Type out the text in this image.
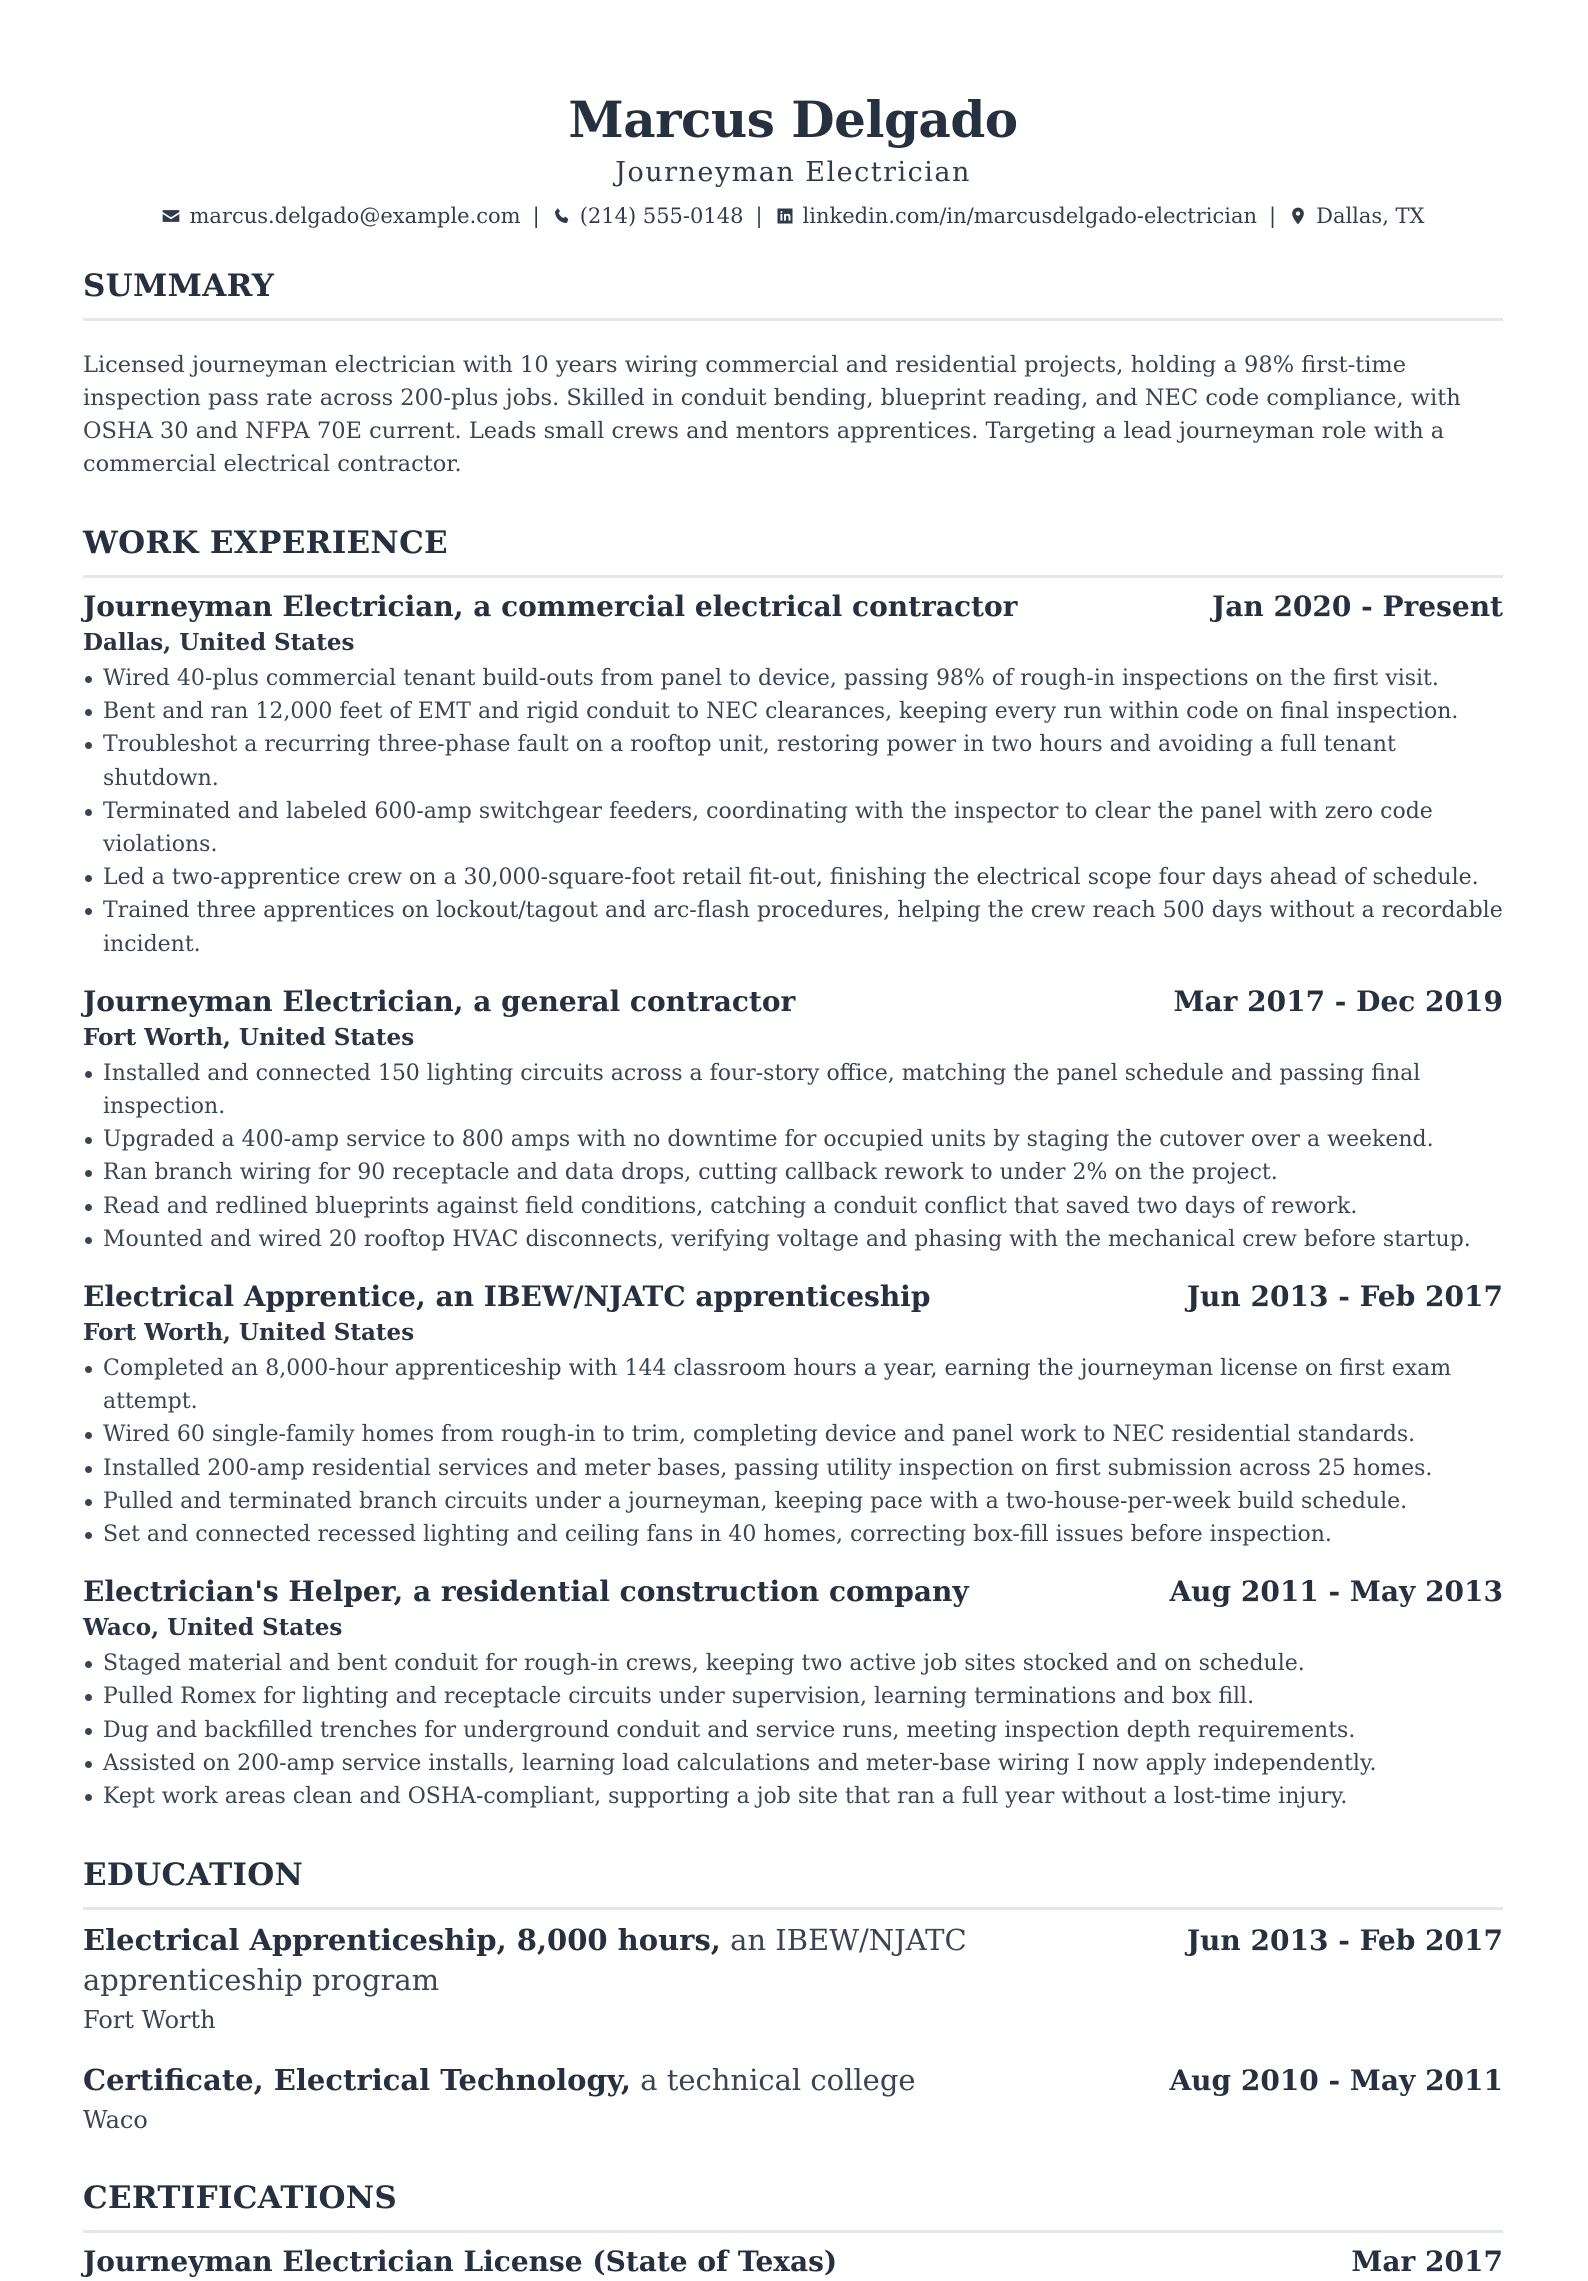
Marcus Delgado
Journeyman Electrician
marcus.delgado@example.com | (214) 555-0148 | linkedin.com/in/marcusdelgado-electrician | Dallas, TX
SUMMARY
Licensed journeyman electrician with 10 years wiring commercial and residential projects, holding a 98% first-time inspection pass rate across 200-plus jobs. Skilled in conduit bending, blueprint reading, and NEC code compliance, with OSHA 30 and NFPA 70E current. Leads small crews and mentors apprentices. Targeting a lead journeyman role with a commercial electrical contractor.
WORK EXPERIENCE
Journeyman Electrician, a commercial electrical contractor	Jan 2020 - Present
Dallas, United States
Wired 40-plus commercial tenant build-outs from panel to device, passing 98% of rough-in inspections on the first visit.
Bent and ran 12,000 feet of EMT and rigid conduit to NEC clearances, keeping every run within code on final inspection.
Troubleshot a recurring three-phase fault on a rooftop unit, restoring power in two hours and avoiding a full tenant shutdown.
Terminated and labeled 600-amp switchgear feeders, coordinating with the inspector to clear the panel with zero code violations.
Led a two-apprentice crew on a 30,000-square-foot retail fit-out, finishing the electrical scope four days ahead of schedule.
Trained three apprentices on lockout/tagout and arc-flash procedures, helping the crew reach 500 days without a recordable incident.
Journeyman Electrician, a general contractor	Mar 2017 - Dec 2019
Fort Worth, United States
Installed and connected 150 lighting circuits across a four-story office, matching the panel schedule and passing final inspection.
Upgraded a 400-amp service to 800 amps with no downtime for occupied units by staging the cutover over a weekend.
Ran branch wiring for 90 receptacle and data drops, cutting callback rework to under 2% on the project.
Read and redlined blueprints against field conditions, catching a conduit conflict that saved two days of rework.
Mounted and wired 20 rooftop HVAC disconnects, verifying voltage and phasing with the mechanical crew before startup.
Electrical Apprentice, an IBEW/NJATC apprenticeship	Jun 2013 - Feb 2017
Fort Worth, United States
Completed an 8,000-hour apprenticeship with 144 classroom hours a year, earning the journeyman license on first exam attempt.
Wired 60 single-family homes from rough-in to trim, completing device and panel work to NEC residential standards.
Installed 200-amp residential services and meter bases, passing utility inspection on first submission across 25 homes.
Pulled and terminated branch circuits under a journeyman, keeping pace with a two-house-per-week build schedule.
Set and connected recessed lighting and ceiling fans in 40 homes, correcting box-fill issues before inspection.
Electrician's Helper, a residential construction company	Aug 2011 - May 2013
Waco, United States
Staged material and bent conduit for rough-in crews, keeping two active job sites stocked and on schedule.
Pulled Romex for lighting and receptacle circuits under supervision, learning terminations and box fill.
Dug and backfilled trenches for underground conduit and service runs, meeting inspection depth requirements.
Assisted on 200-amp service installs, learning load calculations and meter-base wiring I now apply independently.
Kept work areas clean and OSHA-compliant, supporting a job site that ran a full year without a lost-time injury.
EDUCATION
Electrical Apprenticeship, 8,000 hours, an IBEW/NJATC apprenticeship program
Jun 2013 - Feb 2017
Fort Worth
Certificate, Electrical Technology, a technical college	Aug 2010 - May 2011
Waco
CERTIFICATIONS
Journeyman Electrician License (State of Texas)	Mar 2017
